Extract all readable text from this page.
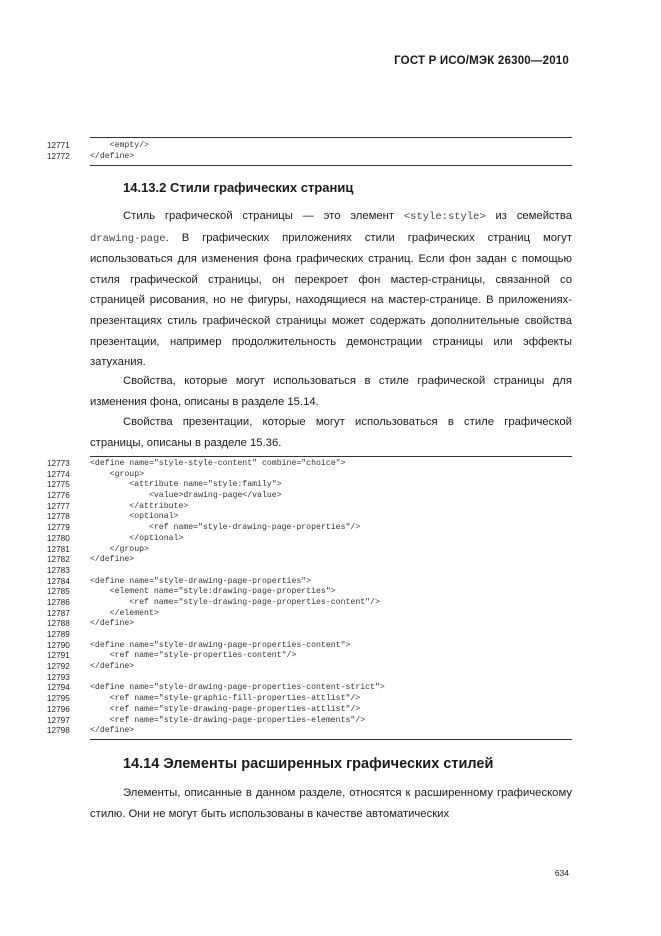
ГОСТ Р ИСО/МЭК 26300—2010
12771	<empty/>
12772	</define>
14.13.2 Стили графических страниц
Стиль графической страницы — это элемент <style:style> из семейства drawing-page. В графических приложениях стили графических страниц могут использоваться для изменения фона графических страниц. Если фон задан с помощью стиля графической страницы, он перекроет фон мастер-страницы, связанной со страницей рисования, но не фигуры, находящиеся на мастер-странице. В приложениях-презентациях стиль графической страницы может содержать дополнительные свойства презентации, например продолжительность демонстрации страницы или эффекты затухания.
Свойства, которые могут использоваться в стиле графической страницы для изменения фона, описаны в разделе 15.14.
Свойства презентации, которые могут использоваться в стиле графической страницы, описаны в разделе 15.36.
12773	<define name="style-style-content" combine="choice">
12774	<group>
12775	<attribute name="style:family">
12776	<value>drawing-page</value>
12777	</attribute>
12778	<optional>
12779	<ref name="style-drawing-page-properties"/>
12780	</optional>
12781	</group>
12782	</define>
12783
12784	<define name="style-drawing-page-properties">
12785	<element name="style:drawing-page-properties">
12786	<ref name="style-drawing-page-properties-content"/>
12787	</element>
12788	</define>
12789
12790	<define name="style-drawing-page-properties-content">
12791	<ref name="style-properties-content"/>
12792	</define>
12793
12794	<define name="style-drawing-page-properties-content-strict">
12795	<ref name="style-graphic-fill-properties-attlist"/>
12796	<ref name="style-drawing-page-properties-attlist"/>
12797	<ref name="style-drawing-page-properties-elements"/>
12798	</define>
14.14 Элементы расширенных графических стилей
Элементы, описанные в данном разделе, относятся к расширенному графическому стилю. Они не могут быть использованы в качестве автоматических
634
